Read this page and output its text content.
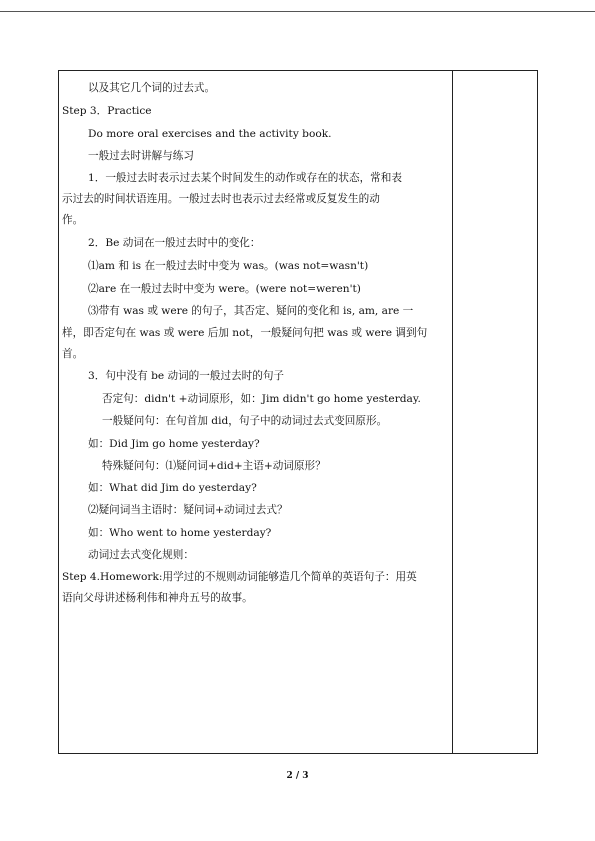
以及其它几个词的过去式。
Step 3．Practice
Do more oral exercises and the activity book.
一般过去时讲解与练习
1．一般过去时表示过去某个时间发生的动作或存在的状态，常和表
示过去的时间状语连用。一般过去时也表示过去经常或反复发生的动
作。
2．Be 动词在一般过去时中的变化：
⑴am 和 is 在一般过去时中变为 was。(was not=wasn't)
⑵are 在一般过去时中变为 were。(were not=weren't)
⑶带有 was 或 were 的句子，其否定、疑问的变化和 is, am, are 一
样，即否定句在 was 或 were 后加 not，一般疑问句把 was 或 were 调到句
首。
3．句中没有 be 动词的一般过去时的句子
否定句：didn't +动词原形，如：Jim didn't go home yesterday.
一般疑问句：在句首加 did，句子中的动词过去式变回原形。
如：Did Jim go home yesterday?
特殊疑问句：⑴疑问词+did+主语+动词原形？
如：What did Jim do yesterday?
⑵疑问词当主语时：疑问词+动词过去式？
如：Who went to home yesterday?
动词过去式变化规则：
Step 4.Homework:用学过的不规则动词能够造几个简单的英语句子：用英
语向父母讲述杨利伟和神舟五号的故事。
2 / 3
